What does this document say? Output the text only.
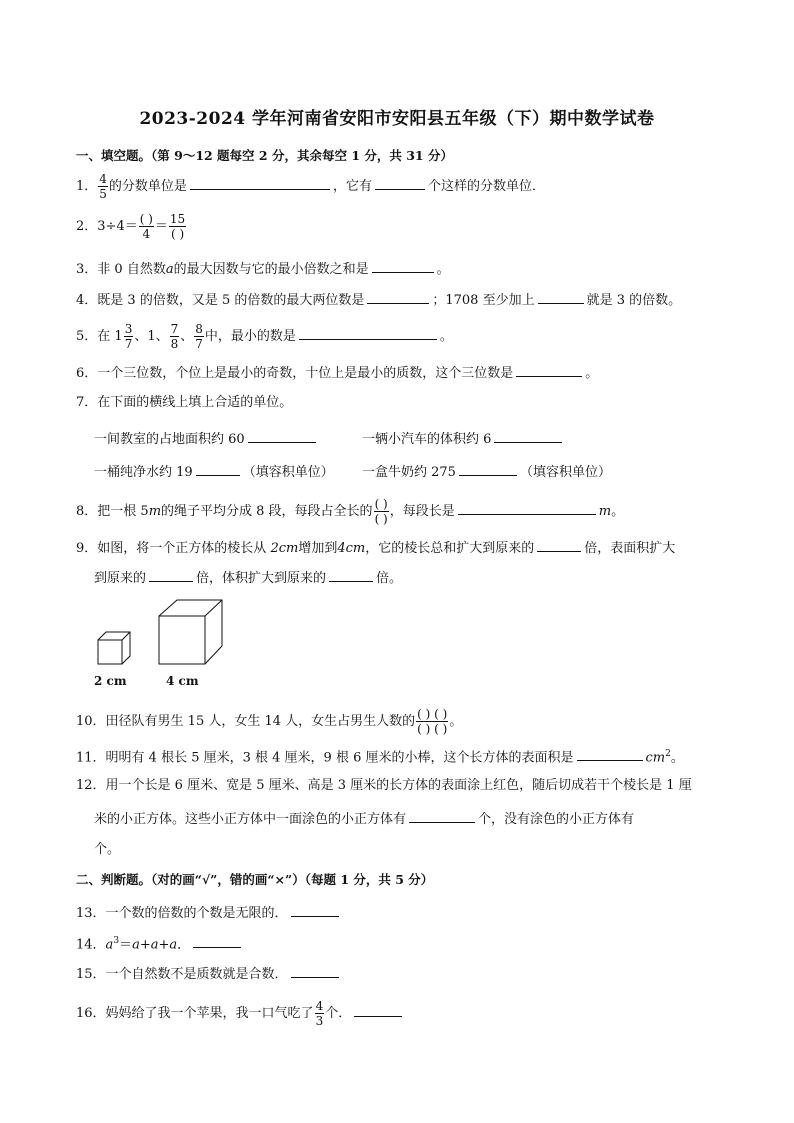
2023-2024 学年河南省安阳市安阳县五年级（下）期中数学试卷
一、填空题。（第 9～12 题每空 2 分，其余每空 1 分，共 31 分）
1． $\frac{4}{5}$ 的分数单位是	，它有	个这样的分数单位．
2．$3\div 4= \frac{( )}{4} = \frac{15}{( )}$
3．非 0 自然数a的最大因数与它的最小倍数之和是	。
4．既是 3 的倍数，又是 5 的倍数的最大两位数是	；1708 至少加上	就是 3 的倍数。
5．在 $1 \frac{3}{7}$ 、1、 $\frac{7}{8}$ 、 $\frac{8}{7}$ 中，最小的数是	。
6．一个三位数，个位上是最小的奇数，十位上是最小的质数，这个三位数是	。
7．在下面的横线上填上合适的单位。
一间教室的占地面积约 60	一辆小汽车的体积约 6
一桶纯净水约 19	（填容积单位） 一盒牛奶约 275	（填容积单位）
8．把一根 5m的绳子平均分成 8 段，每段占全长的 $\frac{( )}{( )}$ ，每段长是	m。
9．如图，将一个正方体的棱长从 2cm增加到4cm，它的棱长总和扩大到原来的	倍，表面积扩大
到原来的	倍，体积扩大到原来的	倍。
2 cm	4 cm
10．田径队有男生 15 人，女生 14 人，女生占男生人数的 $\frac{( ) ( )}{( ) ( )}$ 。
11．明明有 4 根长 5 厘米，3 根 4 厘米，9 根 6 厘米的小棒，这个长方体的表面积是	$cm^2$。
12．用一个长是 6 厘米、宽是 5 厘米、高是 3 厘米的长方体的表面涂上红色，随后切成若干个棱长是 1 厘
米的小正方体。这些小正方体中一面涂色的小正方体有	个，没有涂色的小正方体有
个。
二、判断题。（对的画“√”，错的画“×”）（每题 1 分，共 5 分）
13．一个数的倍数的个数是无限的．
14．$a^3=a+a+a$．
15．一个自然数不是质数就是合数．
16．妈妈给了我一个苹果，我一口气吃了 $\frac{4}{3}$ 个．
